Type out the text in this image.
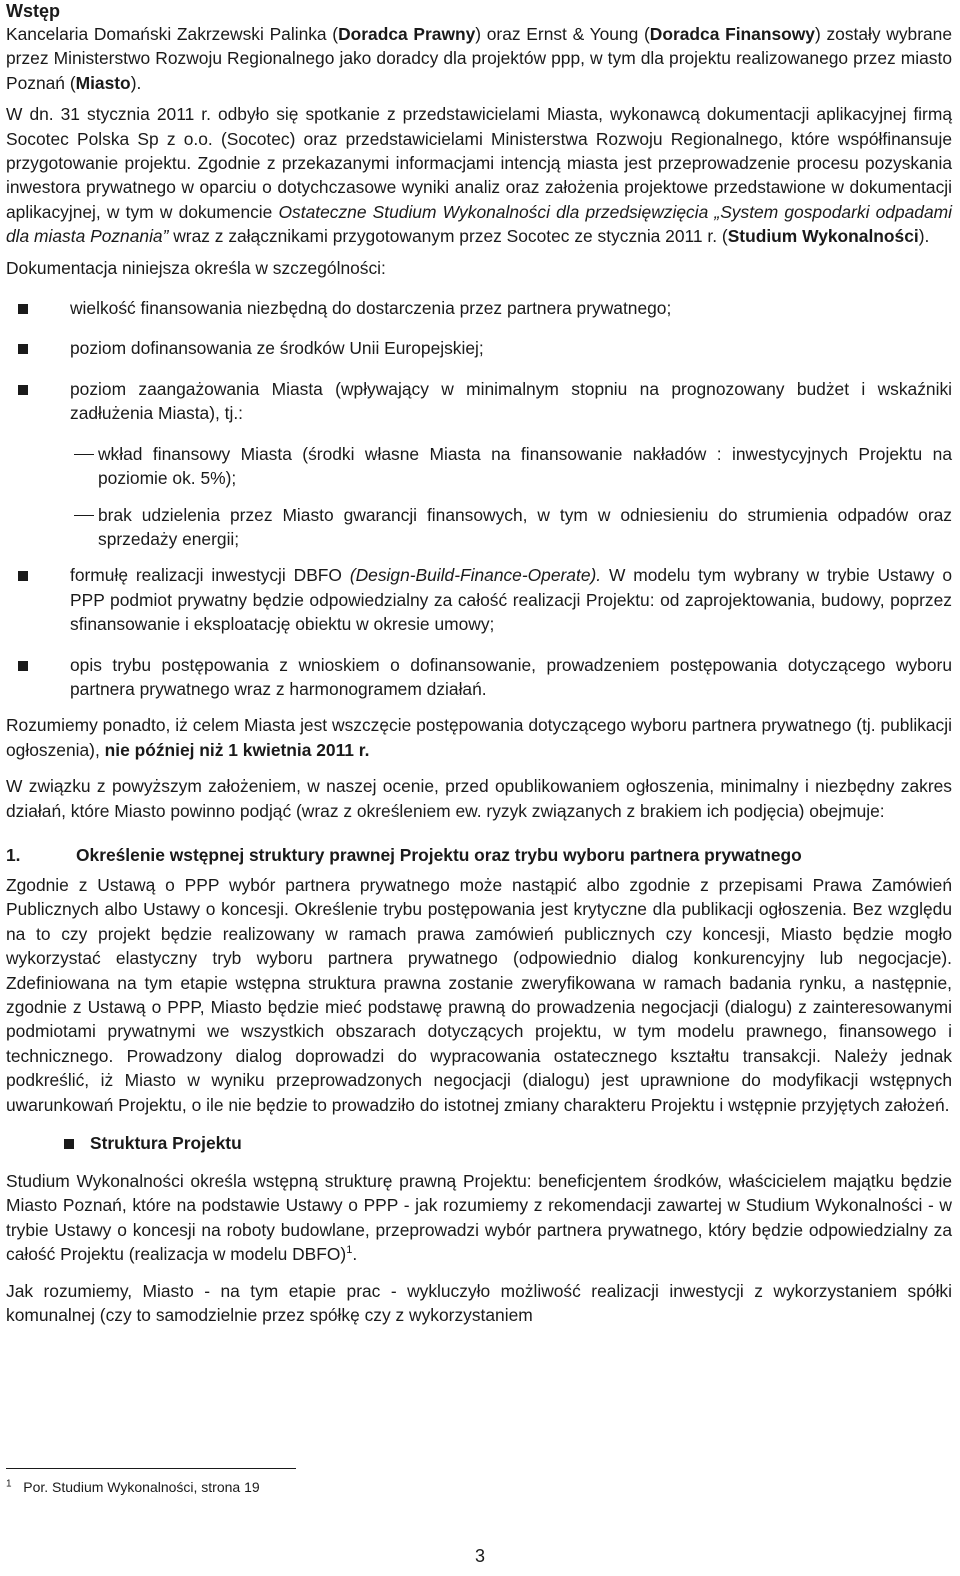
Wstęp

Kancelaria Domański Zakrzewski Palinka (Doradca Prawny) oraz Ernst & Young (Doradca Finansowy) zostały wybrane przez Ministerstwo Rozwoju Regionalnego jako doradcy dla projektów ppp, w tym dla projektu realizowanego przez miasto Poznań (Miasto).

W dn. 31 stycznia 2011 r. odbyło się spotkanie z przedstawicielami Miasta, wykonawcą dokumentacji aplikacyjnej firmą Socotec Polska Sp z o.o. (Socotec) oraz przedstawicielami Ministerstwa Rozwoju Regionalnego, które współfinansuje przygotowanie projektu. Zgodnie z przekazanymi informacjami intencją miasta jest przeprowadzenie procesu pozyskania inwestora prywatnego w oparciu o dotychczasowe wyniki analiz oraz założenia projektowe przedstawione w dokumentacji aplikacyjnej, w tym w dokumencie Ostateczne Studium Wykonalności dla przedsięwzięcia „System gospodarki odpadami dla miasta Poznania” wraz z załącznikami przygotowanym przez Socotec ze stycznia 2011 r. (Studium Wykonalności).

Dokumentacja niniejsza określa w szczególności:

wielkość finansowania niezbędną do dostarczenia przez partnera prywatnego;
poziom dofinansowania ze środków Unii Europejskiej;
poziom zaangażowania Miasta (wpływający w minimalnym stopniu na prognozowany budżet i wskaźniki zadłużenia Miasta), tj.:
wkład finansowy Miasta (środki własne Miasta na finansowanie nakładów : inwestycyjnych Projektu na poziomie ok. 5%);
brak udzielenia przez Miasto gwarancji finansowych, w tym w odniesieniu do strumienia odpadów oraz sprzedaży energii;
formułę realizacji inwestycji DBFO (Design-Build-Finance-Operate). W modelu tym wybrany w trybie Ustawy o PPP podmiot prywatny będzie odpowiedzialny za całość realizacji Projektu: od zaprojektowania, budowy, poprzez sfinansowanie i eksploatację obiektu w okresie umowy;
opis trybu postępowania z wnioskiem o dofinansowanie, prowadzeniem postępowania dotyczącego wyboru partnera prywatnego wraz z harmonogramem działań.

Rozumiemy ponadto, iż celem Miasta jest wszczęcie postępowania dotyczącego wyboru partnera prywatnego (tj. publikacji ogłoszenia), nie później niż 1 kwietnia 2011 r.

W związku z powyższym założeniem, w naszej ocenie, przed opublikowaniem ogłoszenia, minimalny i niezbędny zakres działań, które Miasto powinno podjąć (wraz z określeniem ew. ryzyk związanych z brakiem ich podjęcia) obejmuje:

1.	Określenie wstępnej struktury prawnej Projektu oraz trybu wyboru partnera prywatnego

Zgodnie z Ustawą o PPP wybór partnera prywatnego może nastąpić albo zgodnie z przepisami Prawa Zamówień Publicznych albo Ustawy o koncesji. Określenie trybu postępowania jest krytyczne dla publikacji ogłoszenia. Bez względu na to czy projekt będzie realizowany w ramach prawa zamówień publicznych czy koncesji, Miasto będzie mogło wykorzystać elastyczny tryb wyboru partnera prywatnego (odpowiednio dialog konkurencyjny lub negocjacje). Zdefiniowana na tym etapie wstępna struktura prawna zostanie zweryfikowana w ramach badania rynku, a następnie, zgodnie z Ustawą o PPP, Miasto będzie mieć podstawę prawną do prowadzenia negocjacji (dialogu) z zainteresowanymi podmiotami prywatnymi we wszystkich obszarach dotyczących projektu, w tym modelu prawnego, finansowego i technicznego. Prowadzony dialog doprowadzi do wypracowania ostatecznego kształtu transakcji. Należy jednak podkreślić, iż Miasto w wyniku przeprowadzonych negocjacji (dialogu) jest uprawnione do modyfikacji wstępnych uwarunkowań Projektu, o ile nie będzie to prowadziło do istotnej zmiany charakteru Projektu i wstępnie przyjętych założeń.

Struktura Projektu

Studium Wykonalności określa wstępną strukturę prawną Projektu: beneficjentem środków, właścicielem majątku będzie Miasto Poznań, które na podstawie Ustawy o PPP - jak rozumiemy z rekomendacji zawartej w Studium Wykonalności - w trybie Ustawy o koncesji na roboty budowlane, przeprowadzi wybór partnera prywatnego, który będzie odpowiedzialny za całość Projektu (realizacja w modelu DBFO)$^1$.

Jak rozumiemy, Miasto - na tym etapie prac - wykluczyło możliwość realizacji inwestycji z wykorzystaniem spółki komunalnej (czy to samodzielnie przez spółkę czy z wykorzystaniem

$^1$ Por. Studium Wykonalności, strona 19
3
